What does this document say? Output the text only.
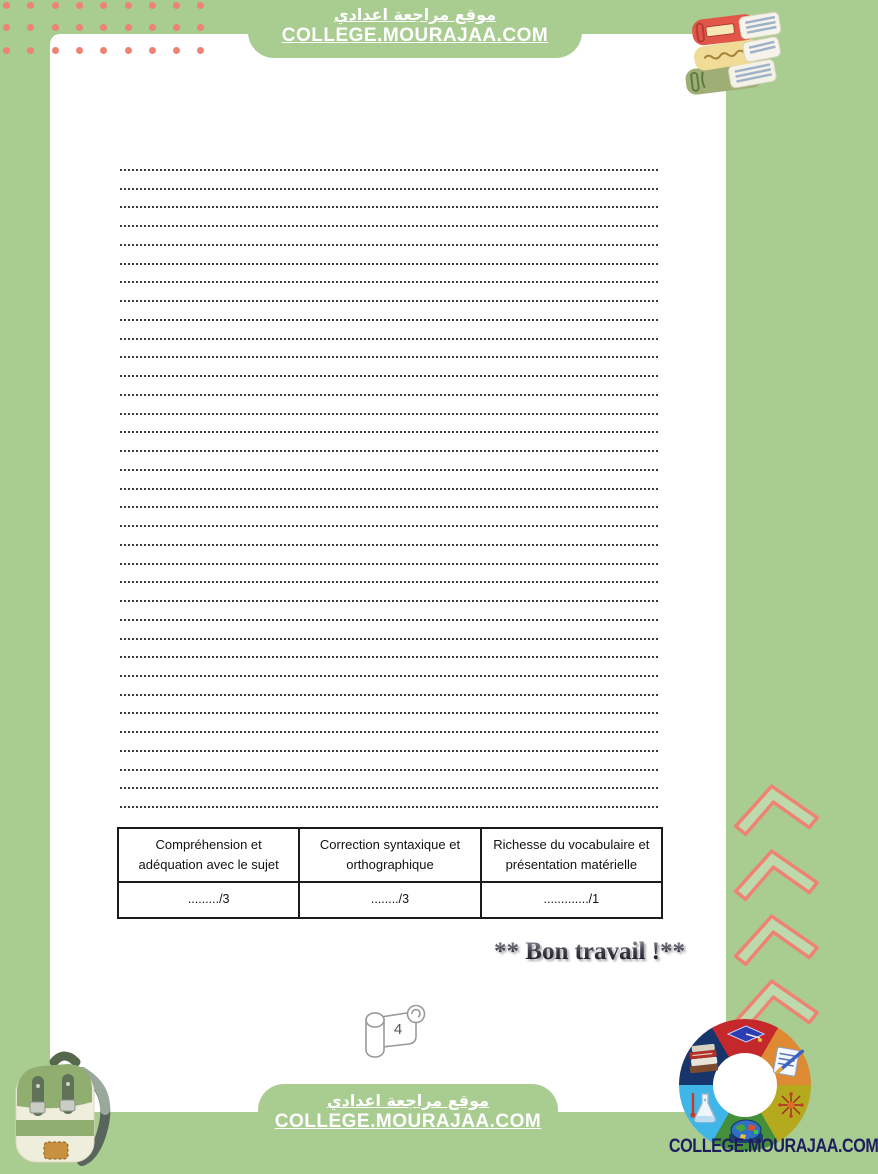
موقع مراجعة اعدادي
COLLEGE.MOURAJAA.COM
Compréhension et adéquation avec le sujet	Correction syntaxique et orthographique	Richesse du vocabulaire et présentation matérielle
........./3	......../3	............./1
** Bon travail !**
4
موقع مراجعة اعدادي
COLLEGE.MOURAJAA.COM
COLLEGE.MOURAJAA.COM
